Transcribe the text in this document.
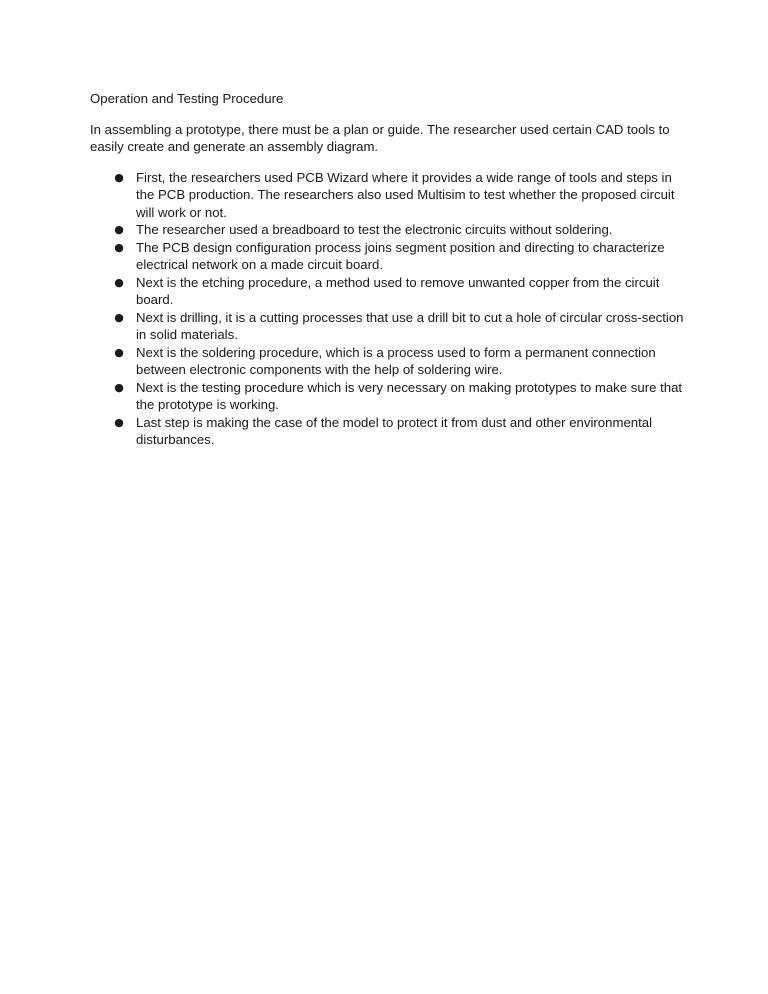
Operation and Testing Procedure

In assembling a prototype, there must be a plan or guide. The researcher used certain CAD tools to easily create and generate an assembly diagram.

● First, the researchers used PCB Wizard where it provides a wide range of tools and steps in the PCB production. The researchers also used Multisim to test whether the proposed circuit will work or not.
● The researcher used a breadboard to test the electronic circuits without soldering.
● The PCB design configuration process joins segment position and directing to characterize electrical network on a made circuit board.
● Next is the etching procedure, a method used to remove unwanted copper from the circuit board.
● Next is drilling, it is a cutting processes that use a drill bit to cut a hole of circular cross-section in solid materials.
● Next is the soldering procedure, which is a process used to form a permanent connection between electronic components with the help of soldering wire.
● Next is the testing procedure which is very necessary on making prototypes to make sure that the prototype is working.
● Last step is making the case of the model to protect it from dust and other environmental disturbances.
